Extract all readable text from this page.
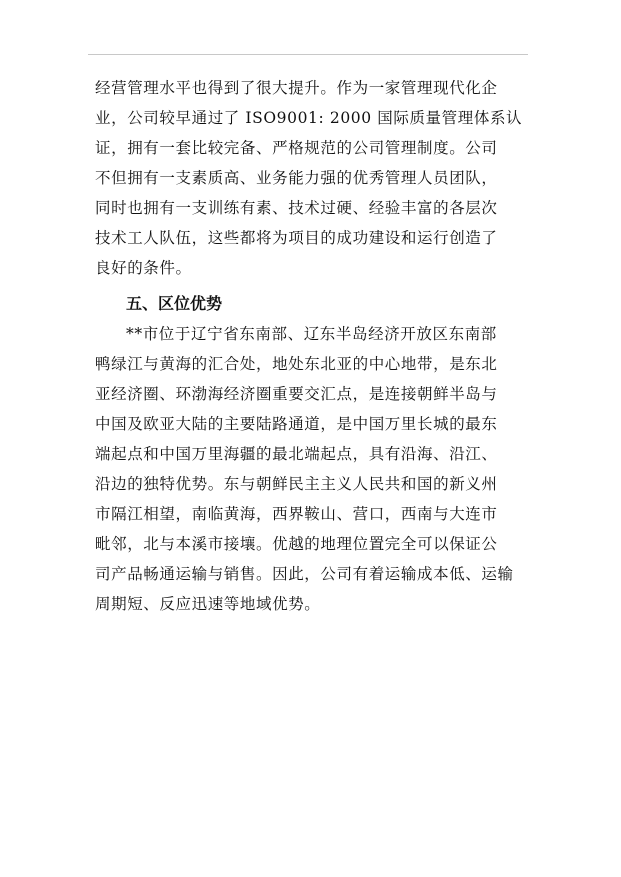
经营管理水平也得到了很大提升。作为一家管理现代化企
业，公司较早通过了 ISO9001: 2000 国际质量管理体系认
证，拥有一套比较完备、严格规范的公司管理制度。公司
不但拥有一支素质高、业务能力强的优秀管理人员团队，
同时也拥有一支训练有素、技术过硬、经验丰富的各层次
技术工人队伍，这些都将为项目的成功建设和运行创造了
良好的条件。
五、区位优势
**市位于辽宁省东南部、辽东半岛经济开放区东南部
鸭绿江与黄海的汇合处，地处东北亚的中心地带，是东北
亚经济圈、环渤海经济圈重要交汇点，是连接朝鲜半岛与
中国及欧亚大陆的主要陆路通道，是中国万里长城的最东
端起点和中国万里海疆的最北端起点，具有沿海、沿江、
沿边的独特优势。东与朝鲜民主主义人民共和国的新义州
市隔江相望，南临黄海，西界鞍山、营口，西南与大连市
毗邻，北与本溪市接壤。优越的地理位置完全可以保证公
司产品畅通运输与销售。因此，公司有着运输成本低、运输
周期短、反应迅速等地域优势。
